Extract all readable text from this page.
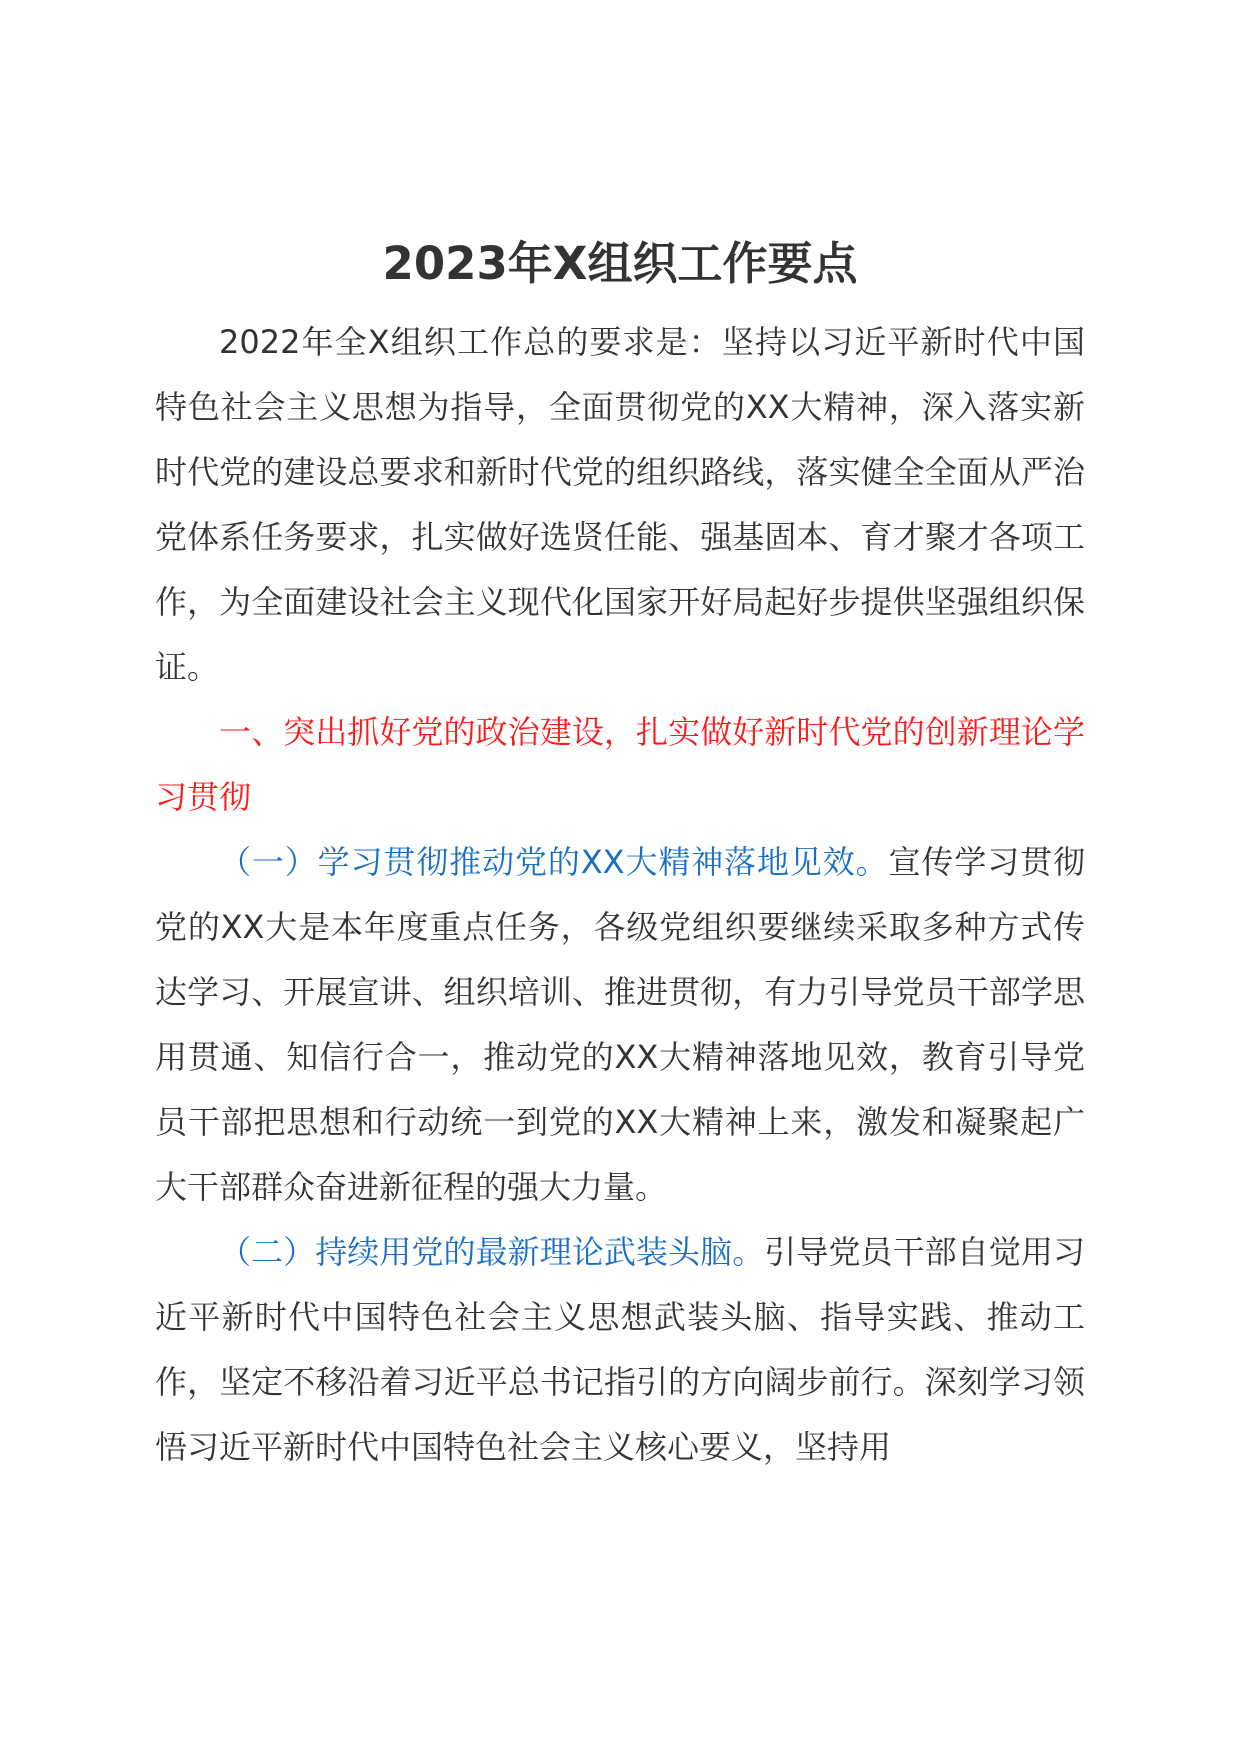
2023年X组织工作要点

2022年全X组织工作总的要求是：坚持以习近平新时代中国特色社会主义思想为指导，全面贯彻党的XX大精神，深入落实新时代党的建设总要求和新时代党的组织路线，落实健全全面从严治党体系任务要求，扎实做好选贤任能、强基固本、育才聚才各项工作，为全面建设社会主义现代化国家开好局起好步提供坚强组织保证。

一、突出抓好党的政治建设，扎实做好新时代党的创新理论学习贯彻

（一）学习贯彻推动党的XX大精神落地见效。宣传学习贯彻党的XX大是本年度重点任务，各级党组织要继续采取多种方式传达学习、开展宣讲、组织培训、推进贯彻，有力引导党员干部学思用贯通、知信行合一，推动党的XX大精神落地见效，教育引导党员干部把思想和行动统一到党的XX大精神上来，激发和凝聚起广大干部群众奋进新征程的强大力量。

（二）持续用党的最新理论武装头脑。引导党员干部自觉用习近平新时代中国特色社会主义思想武装头脑、指导实践、推动工作，坚定不移沿着习近平总书记指引的方向阔步前行。深刻学习领悟习近平新时代中国特色社会主义核心要义，坚持用
